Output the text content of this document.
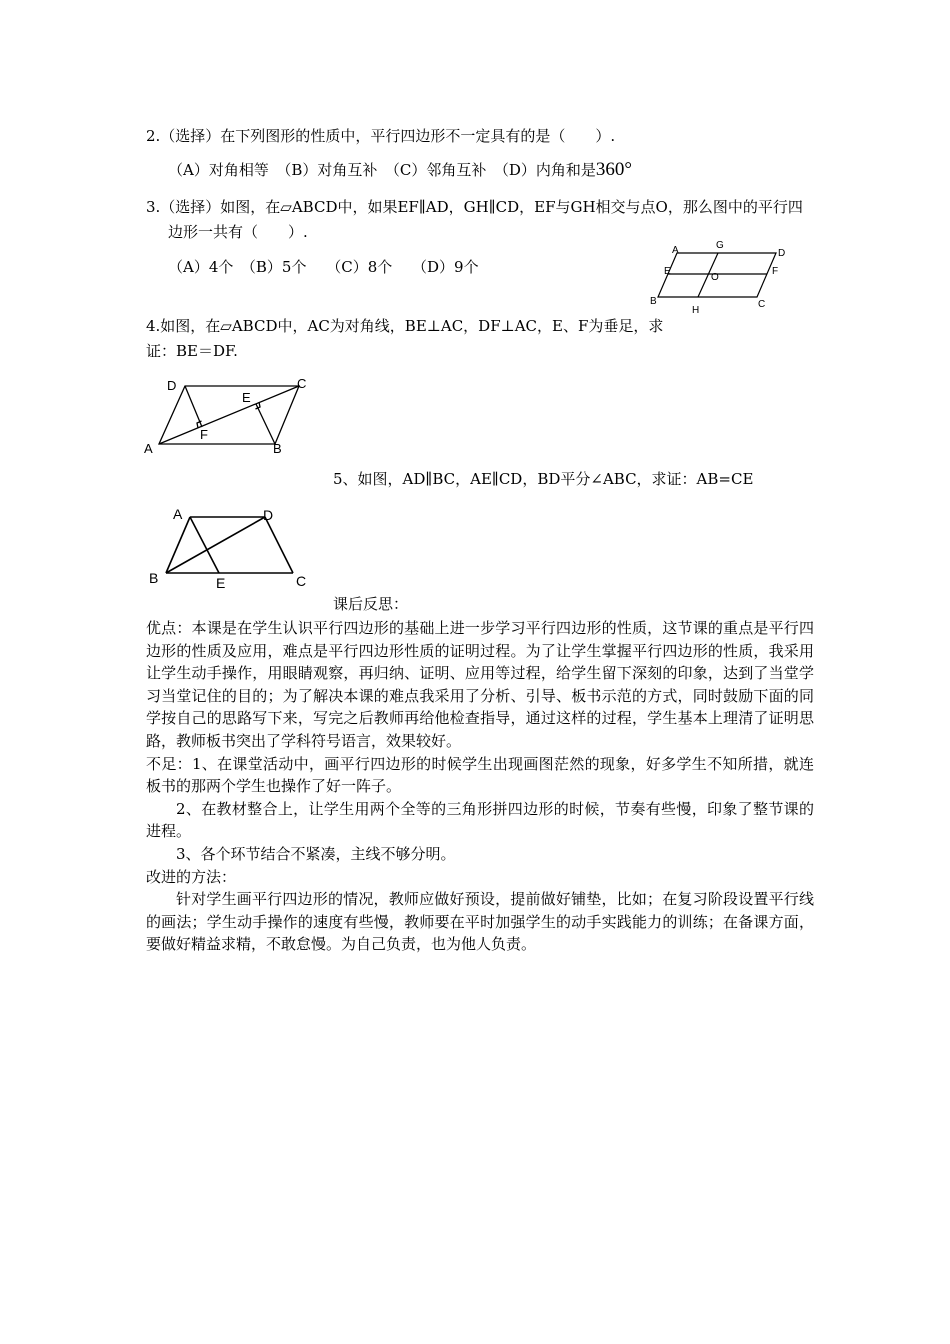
2.（选择）在下列图形的性质中，平行四边形不一定具有的是（　　）.
（A）对角相等　（B）对角互补　（C）邻角互补　（D）内角和是360°
3.（选择）如图，在▱ABCD中，如果EF∥AD，GH∥CD，EF与GH相交与点O，那么图中的平行四
边形一共有（　　）.
（A）4个　（B）5个　 （C）8个　 （D）9个
A	G
D
E
O
F
B
H
C
4.如图，在▱ABCD中，AC为对角线，BE⊥AC，DF⊥AC，E、F为垂足，求
证：BE＝DF.
D	C
E
F
A	B
5、如图，AD∥BC，AE∥CD，BD平分∠ABC，求证：AB=CE
A	D
B	E	C
课后反思：

优点：本课是在学生认识平行四边形的基础上进一步学习平行四边形的性质，这节课的重点是平行四边形的性质及应用，难点是平行四边形性质的证明过程。为了让学生掌握平行四边形的性质，我采用让学生动手操作，用眼睛观察，再归纳、证明、应用等过程，给学生留下深刻的印象，达到了当堂学习当堂记住的目的；为了解决本课的难点我采用了分析、引导、板书示范的方式，同时鼓励下面的同学按自己的思路写下来，写完之后教师再给他检查指导，通过这样的过程，学生基本上理清了证明思路，教师板书突出了学科符号语言，效果较好。

不足：1、在课堂活动中，画平行四边形的时候学生出现画图茫然的现象，好多学生不知所措，就连板书的那两个学生也操作了好一阵子。

2、在教材整合上，让学生用两个全等的三角形拼四边形的时候，节奏有些慢，印象了整节课的进程。

3、各个环节结合不紧凑，主线不够分明。

改进的方法：

针对学生画平行四边形的情况，教师应做好预设，提前做好铺垫，比如；在复习阶段设置平行线的画法；学生动手操作的速度有些慢，教师要在平时加强学生的动手实践能力的训练；在备课方面，要做好精益求精，不敢怠慢。为自己负责，也为他人负责。
